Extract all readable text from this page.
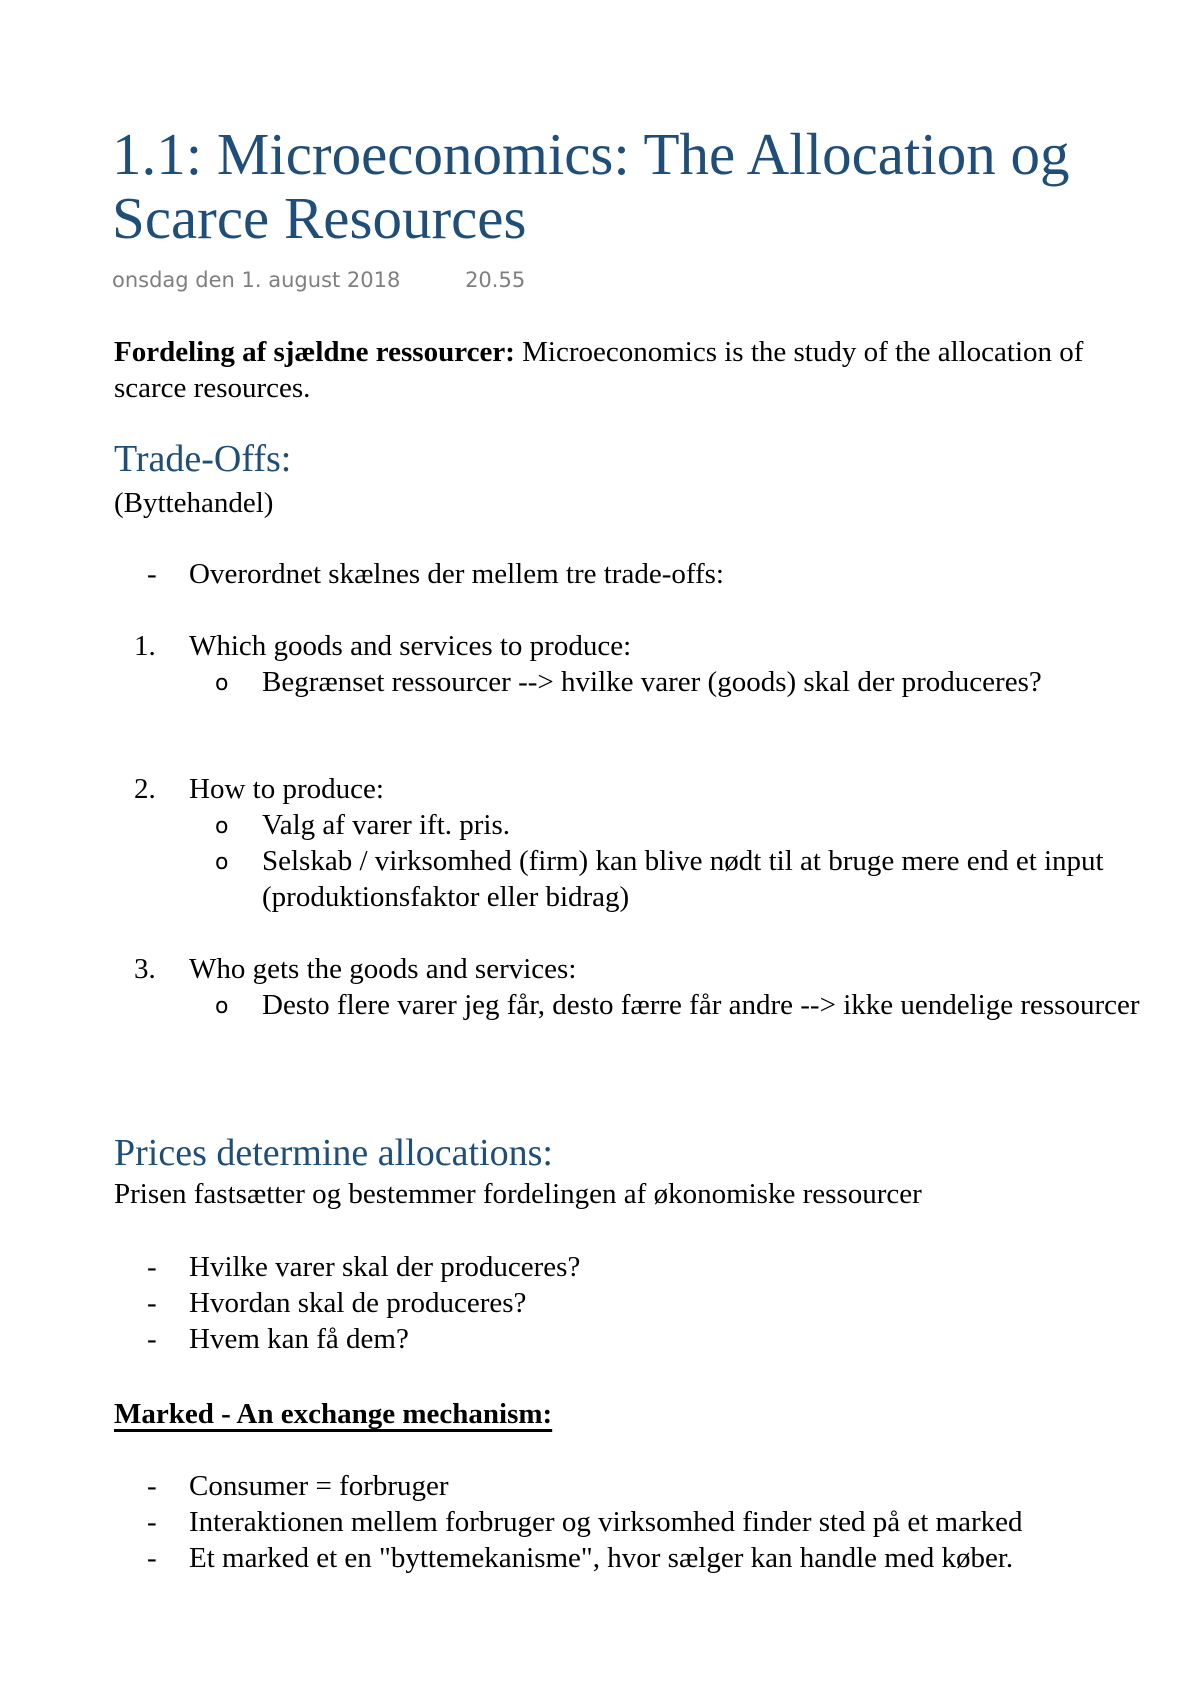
1.1: Microeconomics: The Allocation og Scarce Resources
onsdag den 1. august 2018	20.55

Fordeling af sjældne ressourcer: Microeconomics is the study of the allocation of scarce resources.

Trade-Offs:

(Byttehandel)

- Overordnet skælnes der mellem tre trade-offs:
1. Which goods and services to produce:
o Begrænset ressourcer --> hvilke varer (goods) skal der produceres?
2. How to produce:
o Valg af varer ift. pris.
o Selskab / virksomhed (firm) kan blive nødt til at bruge mere end et input (produktionsfaktor eller bidrag)
3. Who gets the goods and services:
o Desto flere varer jeg får, desto færre får andre --> ikke uendelige ressourcer
Prices determine allocations:

Prisen fastsætter og bestemmer fordelingen af økonomiske ressourcer

- Hvilke varer skal der produceres?
- Hvordan skal de produceres?
- Hvem kan få dem?
Marked - An exchange mechanism:
- Consumer = forbruger
- Interaktionen mellem forbruger og virksomhed finder sted på et marked
- Et marked et en "byttemekanisme", hvor sælger kan handle med køber.
